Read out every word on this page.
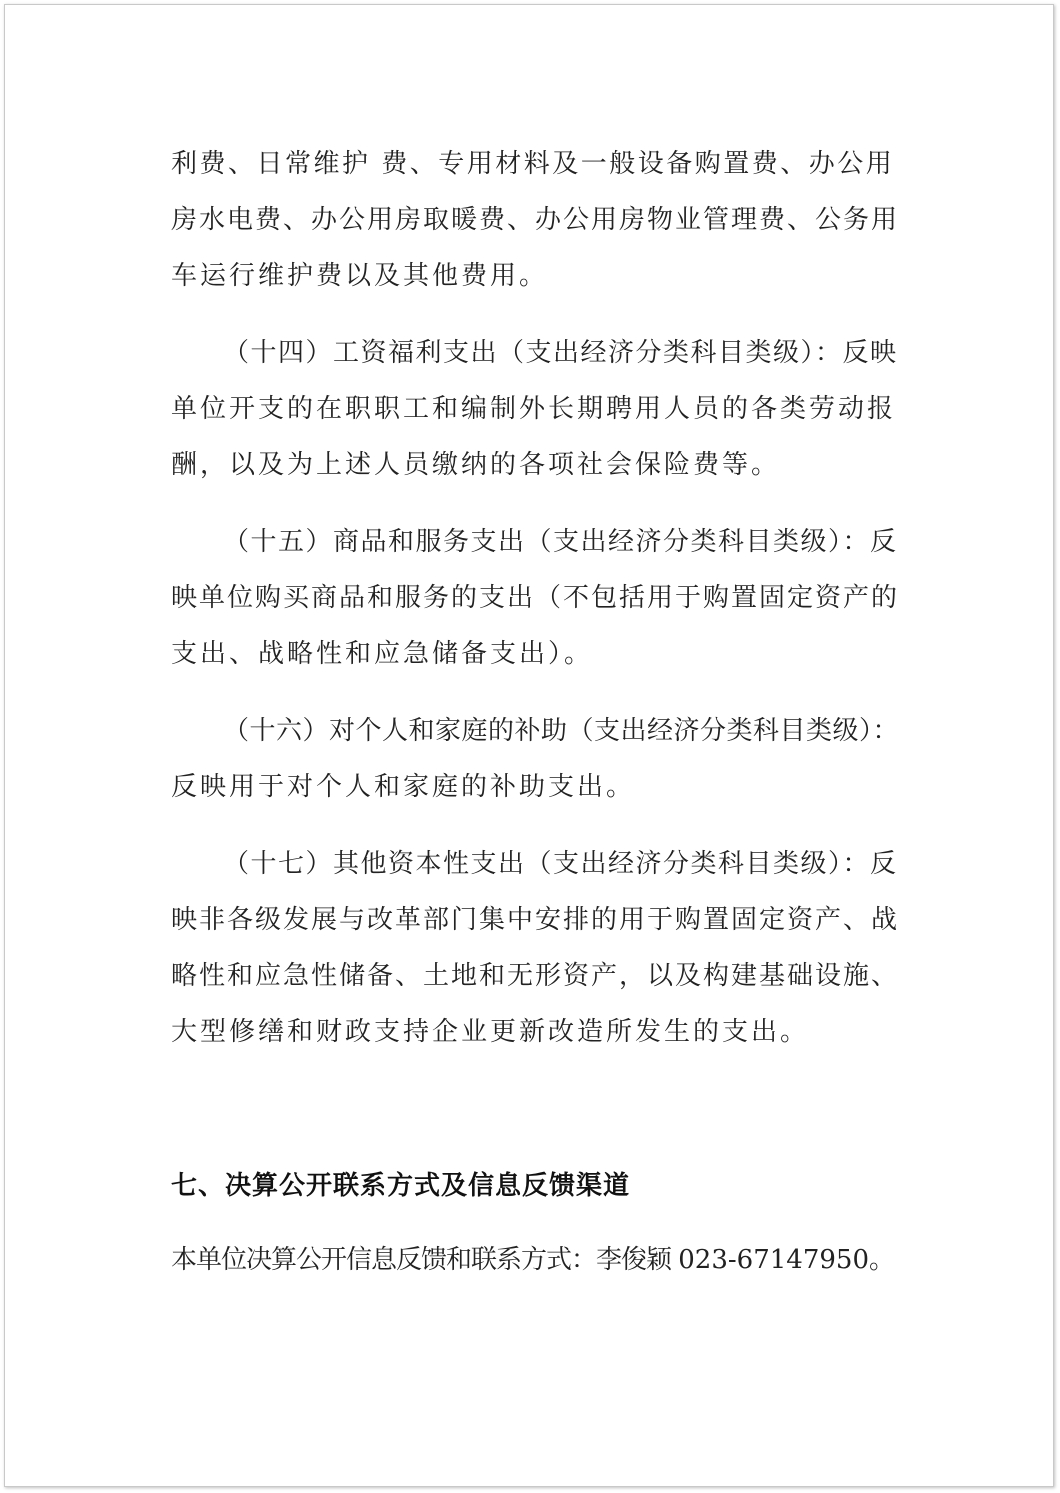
利费、日常维护 费、专用材料及一般设备购置费、办公用
房水电费、办公用房取暖费、办公用房物业管理费、公务用
车运行维护费以及其他费用。
（十四）工资福利支出（支出经济分类科目类级）：反映
单位开支的在职职工和编制外长期聘用人员的各类劳动报
酬，以及为上述人员缴纳的各项社会保险费等。
（十五）商品和服务支出（支出经济分类科目类级）：反
映单位购买商品和服务的支出（不包括用于购置固定资产的
支出、战略性和应急储备支出）。
（十六）对个人和家庭的补助（支出经济分类科目类级）：
反映用于对个人和家庭的补助支出。
（十七）其他资本性支出（支出经济分类科目类级）：反
映非各级发展与改革部门集中安排的用于购置固定资产、战
略性和应急性储备、土地和无形资产，以及构建基础设施、
大型修缮和财政支持企业更新改造所发生的支出。
七、决算公开联系方式及信息反馈渠道
本单位决算公开信息反馈和联系方式：李俊颖 023-67147950。
